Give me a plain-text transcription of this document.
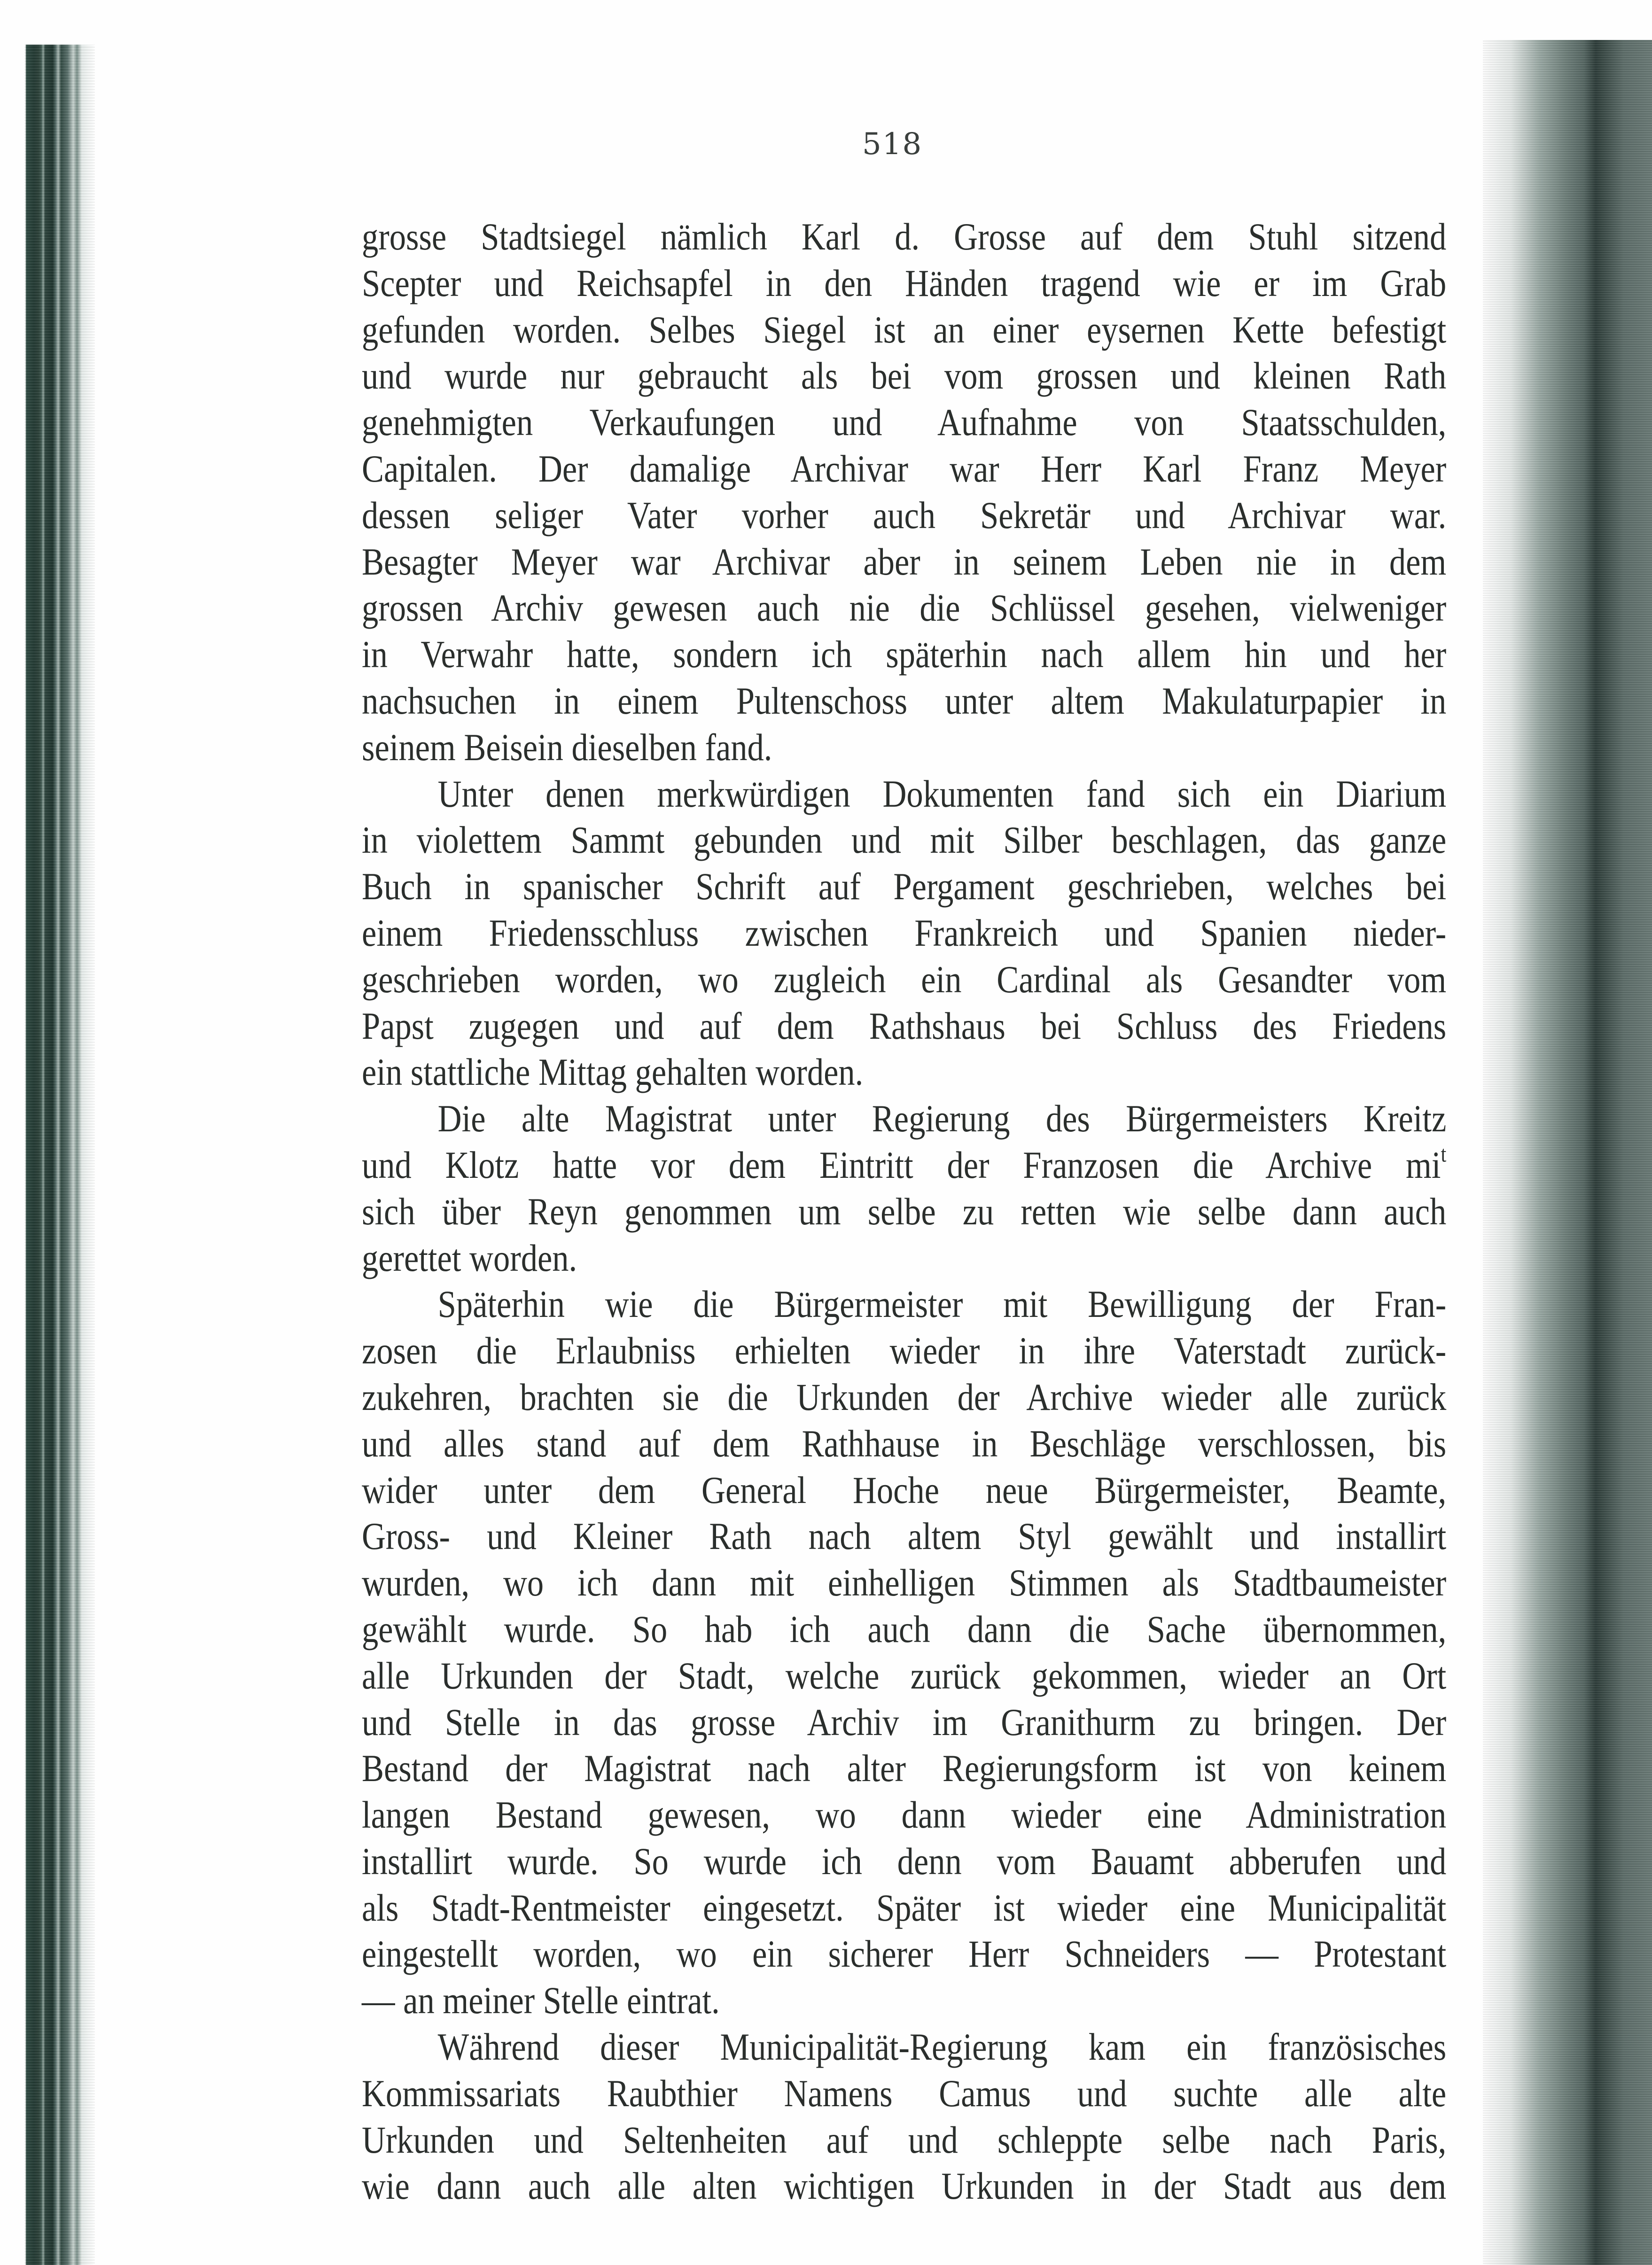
518
grosse Stadtsiegel nämlich Karl d. Grosse auf dem Stuhl sitzend
Scepter und Reichsapfel in den Händen tragend wie er im Grab
gefunden worden. Selbes Siegel ist an einer eysernen Kette befestigt
und wurde nur gebraucht als bei vom grossen und kleinen Rath
genehmigten Verkaufungen und Aufnahme von Staatsschulden,
Capitalen. Der damalige Archivar war Herr Karl Franz Meyer
dessen seliger Vater vorher auch Sekretär und Archivar war.
Besagter Meyer war Archivar aber in seinem Leben nie in dem
grossen Archiv gewesen auch nie die Schlüssel gesehen, vielweniger
in Verwahr hatte, sondern ich späterhin nach allem hin und her
nachsuchen in einem Pultenschoss unter altem Makulaturpapier in
seinem Beisein dieselben fand.
Unter denen merkwürdigen Dokumenten fand sich ein Diarium
in violettem Sammt gebunden und mit Silber beschlagen, das ganze
Buch in spanischer Schrift auf Pergament geschrieben, welches bei
einem Friedensschluss zwischen Frankreich und Spanien nieder-
geschrieben worden, wo zugleich ein Cardinal als Gesandter vom
Papst zugegen und auf dem Rathshaus bei Schluss des Friedens
ein stattliche Mittag gehalten worden.
Die alte Magistrat unter Regierung des Bürgermeisters Kreitz
und Klotz hatte vor dem Eintritt der Franzosen die Archive $mi^t$
sich über Reyn genommen um selbe zu retten wie selbe dann auch
gerettet worden.
Späterhin wie die Bürgermeister mit Bewilligung der Fran-
zosen die Erlaubniss erhielten wieder in ihre Vaterstadt zurück-
zukehren, brachten sie die Urkunden der Archive wieder alle zurück
und alles stand auf dem Rathhause in Beschläge verschlossen, bis
wider unter dem General Hoche neue Bürgermeister, Beamte,
Gross- und Kleiner Rath nach altem Styl gewählt und installirt
wurden, wo ich dann mit einhelligen Stimmen als Stadtbaumeister
gewählt wurde. So hab ich auch dann die Sache übernommen,
alle Urkunden der Stadt, welche zurück gekommen, wieder an Ort
und Stelle in das grosse Archiv im Granithurm zu bringen. Der
Bestand der Magistrat nach alter Regierungsform ist von keinem
langen Bestand gewesen, wo dann wieder eine Administration
installirt wurde. So wurde ich denn vom Bauamt abberufen und
als Stadt-Rentmeister eingesetzt. Später ist wieder eine Municipalität
eingestellt worden, wo ein sicherer Herr Schneiders — Protestant
— an meiner Stelle eintrat.
Während dieser Municipalität-Regierung kam ein französisches
Kommissariats Raubthier Namens Camus und suchte alle alte
Urkunden und Seltenheiten auf und schleppte selbe nach Paris,
wie dann auch alle alten wichtigen Urkunden in der Stadt aus dem
